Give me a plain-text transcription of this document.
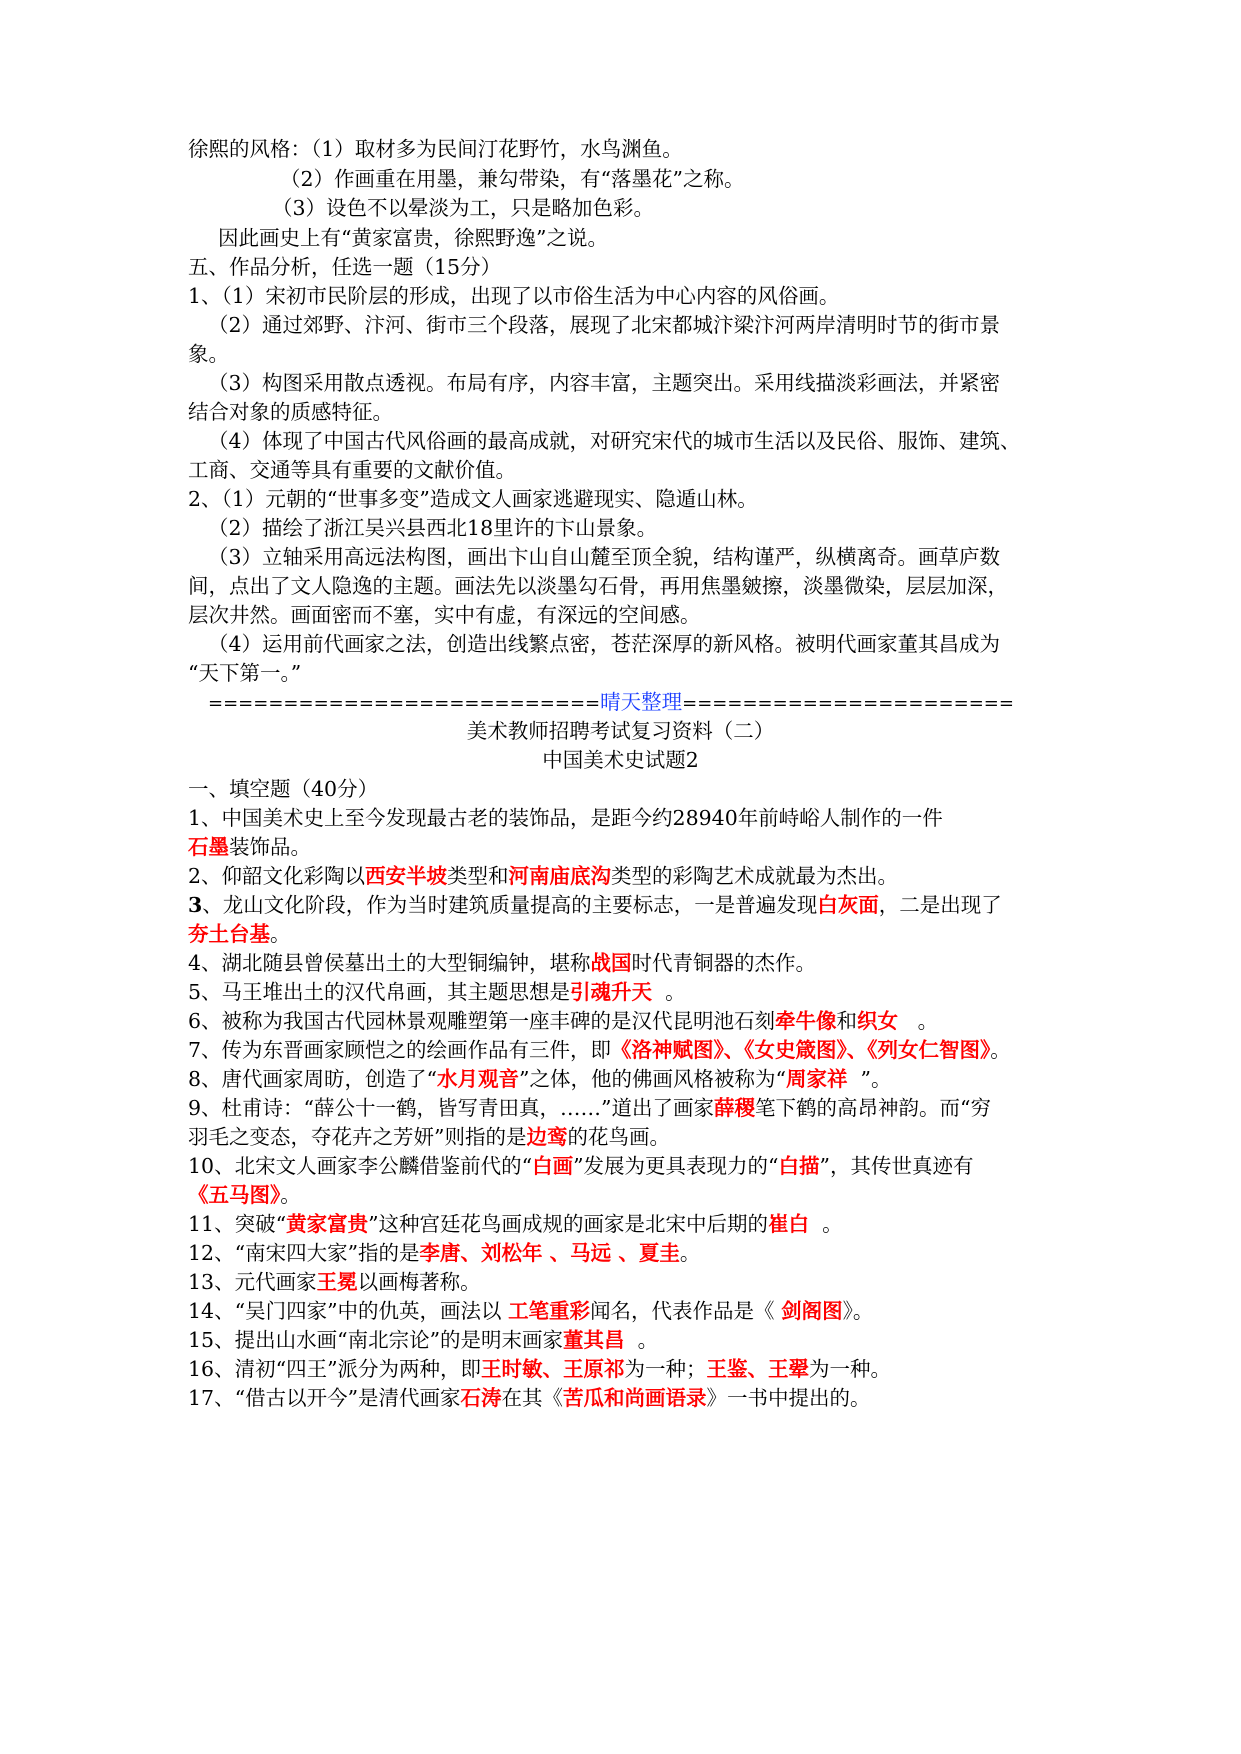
徐熙的风格：（1）取材多为民间汀花野竹，水鸟渊鱼。
（2）作画重在用墨，兼勾带染，有“落墨花”之称。
（3）设色不以晕淡为工，只是略加色彩。
因此画史上有“黄家富贵，徐熙野逸”之说。
五、作品分析，任选一题（15分）
1、（1）宋初市民阶层的形成，出现了以市俗生活为中心内容的风俗画。
（2）通过郊野、汴河、街市三个段落，展现了北宋都城汴梁汴河两岸清明时节的街市景
象。
（3）构图采用散点透视。布局有序，内容丰富，主题突出。采用线描淡彩画法，并紧密
结合对象的质感特征。
（4）体现了中国古代风俗画的最高成就，对研究宋代的城市生活以及民俗、服饰、建筑、
工商、交通等具有重要的文献价值。
2、（1）元朝的“世事多变”造成文人画家逃避现实、隐遁山林。
（2）描绘了浙江吴兴县西北18里许的卞山景象。
（3）立轴采用高远法构图，画出卞山自山麓至顶全貌，结构谨严，纵横离奇。画草庐数
间，点出了文人隐逸的主题。画法先以淡墨勾石骨，再用焦墨皴擦，淡墨微染，层层加深，
层次井然。画面密而不塞，实中有虚，有深远的空间感。
（4）运用前代画家之法，创造出线繁点密，苍茫深厚的新风格。被明代画家董其昌成为
“天下第一。”
==========================晴天整理======================
美术教师招聘考试复习资料（二）
中国美术史试题2
一、填空题（40分）
1、中国美术史上至今发现最古老的装饰品，是距今约28940年前峙峪人制作的一件
石墨装饰品。
2、仰韶文化彩陶以西安半坡类型和河南庙底沟类型的彩陶艺术成就最为杰出。
3、龙山文化阶段，作为当时建筑质量提高的主要标志，一是普遍发现白灰面，二是出现了
夯土台基。
4、湖北随县曾侯墓出土的大型铜编钟，堪称战国时代青铜器的杰作。
5、马王堆出土的汉代帛画，其主题思想是引魂升天  。
6、被称为我国古代园林景观雕塑第一座丰碑的是汉代昆明池石刻牵牛像和织女   。
7、传为东晋画家顾恺之的绘画作品有三件，即《洛神赋图》、《女史箴图》、《列女仁智图》。
8、唐代画家周昉，创造了“水月观音”之体，他的佛画风格被称为“周家祥  ”。
9、杜甫诗：“薛公十一鹤，皆写青田真，……”道出了画家薛稷笔下鹤的高昂神韵。而“穷
羽毛之变态，夺花卉之芳妍”则指的是边鸾的花鸟画。
10、北宋文人画家李公麟借鉴前代的“白画”发展为更具表现力的“白描”，其传世真迹有
《五马图》。
11、突破“黄家富贵”这种宫廷花鸟画成规的画家是北宋中后期的崔白  。
12、“南宋四大家”指的是李唐、刘松年 、马远 、夏圭。
13、元代画家王冕以画梅著称。
14、“吴门四家”中的仇英，画法以 工笔重彩闻名，代表作品是《 剑阁图》。
15、提出山水画“南北宗论”的是明末画家董其昌  。
16、清初“四王”派分为两种，即王时敏、王原祁为一种；王鉴、王翚为一种。
17、“借古以开今”是清代画家石涛在其《苦瓜和尚画语录》一书中提出的。
